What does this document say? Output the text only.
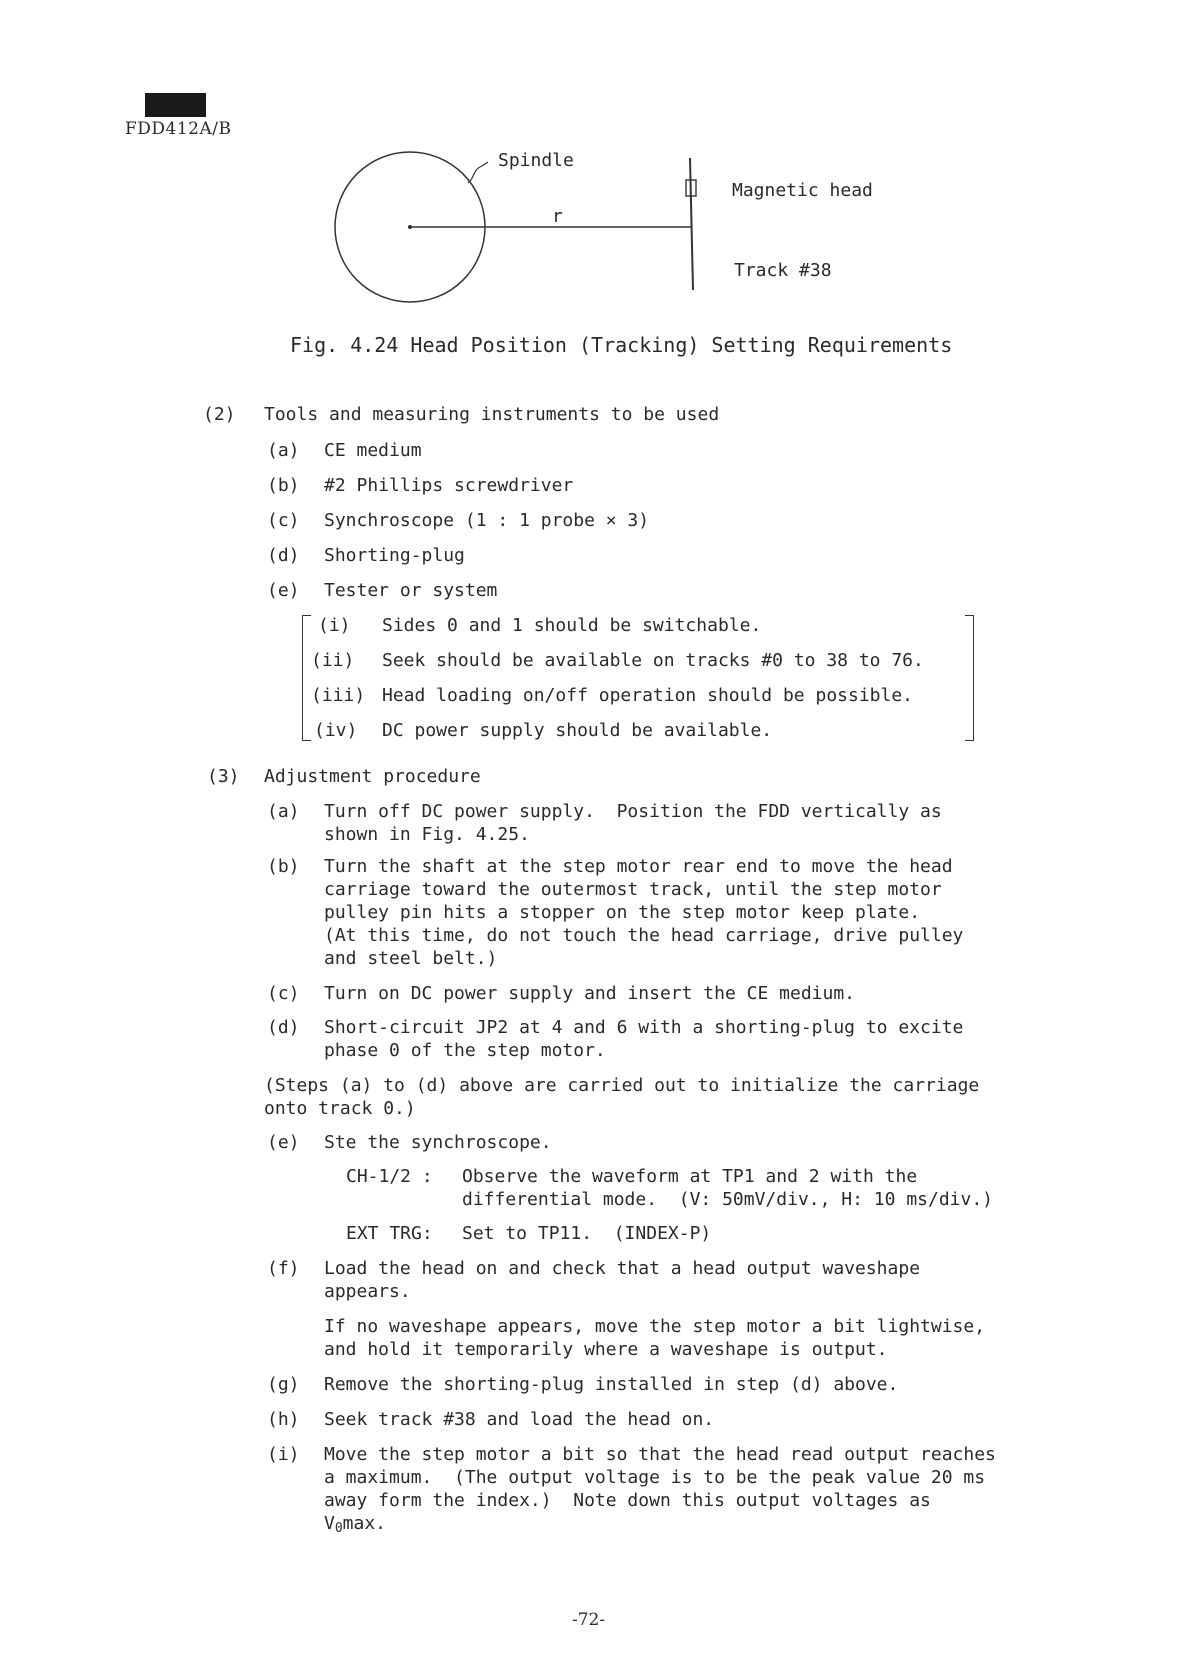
FDD412A/B
Spindle
r
Magnetic head
Track #38
Fig. 4.24 Head Position (Tracking) Setting Requirements
(2) Tools and measuring instruments to be used
(a) CE medium
(b) #2 Phillips screwdriver
(c) Synchroscope (1 : 1 probe × 3)
(d) Shorting-plug
(e) Tester or system
(i) Sides 0 and 1 should be switchable.
(ii) Seek should be available on tracks #0 to 38 to 76.
(iii) Head loading on/off operation should be possible.
(iv) DC power supply should be available.
(3) Adjustment procedure
(a) Turn off DC power supply.  Position the FDD vertically as
shown in Fig. 4.25.
(b) Turn the shaft at the step motor rear end to move the head
carriage toward the outermost track, until the step motor
pulley pin hits a stopper on the step motor keep plate.
(At this time, do not touch the head carriage, drive pulley
and steel belt.)
(c) Turn on DC power supply and insert the CE medium.
(d) Short-circuit JP2 at 4 and 6 with a shorting-plug to excite
phase 0 of the step motor.
(Steps (a) to (d) above are carried out to initialize the carriage
onto track 0.)
(e) Ste the synchroscope.
CH-1/2 : Observe the waveform at TP1 and 2 with the
differential mode.  (V: 50mV/div., H: 10 ms/div.)
EXT TRG: Set to TP11.  (INDEX-P)
(f) Load the head on and check that a head output waveshape
appears.
If no waveshape appears, move the step motor a bit lightwise,
and hold it temporarily where a waveshape is output.
(g) Remove the shorting-plug installed in step (d) above.
(h) Seek track #38 and load the head on.
(i) Move the step motor a bit so that the head read output reaches
a maximum.  (The output voltage is to be the peak value 20 ms
away form the index.)  Note down this output voltages as
$V_0\max$.
-72-
